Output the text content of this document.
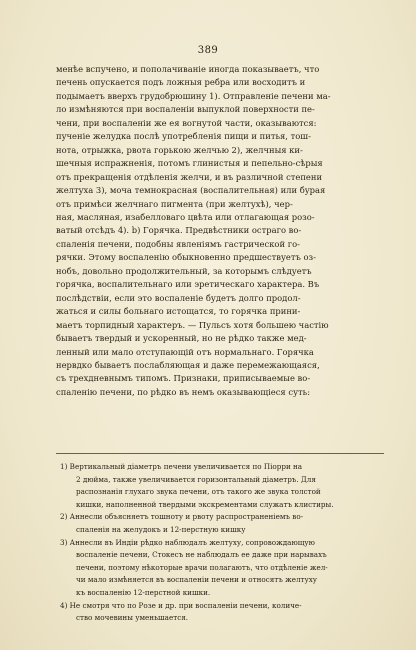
389
менѣе вспучено, и пополачиваніе иногда показываетъ, что
печень опускается подъ ложныя ребра или восходитъ и
подымаетъ вверхъ грудобрюшину 1). Отправленіе печени ма-
ло измѣняются при воспаленіи выпуклой поверхности пе-
чени, при воспаленіи же ея вогнутой части, оказываются:
пученіе желудка послѣ употребленія пищи и питья, тош-
нота, отрыжка, рвота горькою желчью 2), желчныя ки-
шечныя испражненія, потомъ глинистыя и пепельно-сѣрыя
отъ прекращенія отдѣленія желчи, и въ различной степени
желтуха 3), моча темнокрасная (воспалительная) или бурая
отъ примѣси желчнаго пигмента (при желтухѣ), чер-
ная, масляная, изабелловаго цвѣта или отлагающая розо-
ватый отсѣдъ 4). b) Горячка. Предвѣстники остраго во-
спаленія печени, подобны явленіямъ гастрической го-
рячки. Этому воспаленію обыкновенно предшествуетъ оз-
нобъ, довольно продолжительный, за которымъ слѣдуетъ
горячка, воспалительнаго или эретическаго характера. Въ
послѣдствіи, если это воспаленіе будетъ долго продол-
жаться и силы больнаго истощатся, то горячка прини-
маетъ торпидный характеръ. — Пульсъ хотя большею частію
бываетъ твердый и ускоренный, но не рѣдко также мед-
ленный или мало отступающій отъ нормальнаго. Горячка
нервдко бываетъ послабляющая и даже перемежающаяся,
съ трехдневнымъ типомъ. Признаки, приписываемые во-
спаленію печени, по рѣдко въ немъ оказывающіеся суть:
1) Вертикальный діаметръ печени увеличивается по Піорри на
2 дюйма, также увеличивается горизонтальный діаметръ. Для
распознанія глухаго звука печени, отъ такого же звука толстой
кишки, наполненной твердыми экскрементами служатъ клистиры.
2) Аннесли объясняетъ тошноту и рвоту распространеніемъ во-
спаленія на желудокъ и 12-перстную кишку
3) Аннесли въ Индіи рѣдко наблюдалъ желтуху, сопровождающую
воспаленіе печени, Стокесъ не наблюдалъ ее даже при нарывахъ
печени, поэтому нѣкоторые врачи полагаютъ, что отдѣленіе жел-
чи мало измѣняется въ воспаленіи печени и относятъ желтуху
къ воспаленію 12-перстной кишки.
4) Не смотря что по Розе и др. при воспаленіи печени, количе-
ство мочевины уменьшается.
